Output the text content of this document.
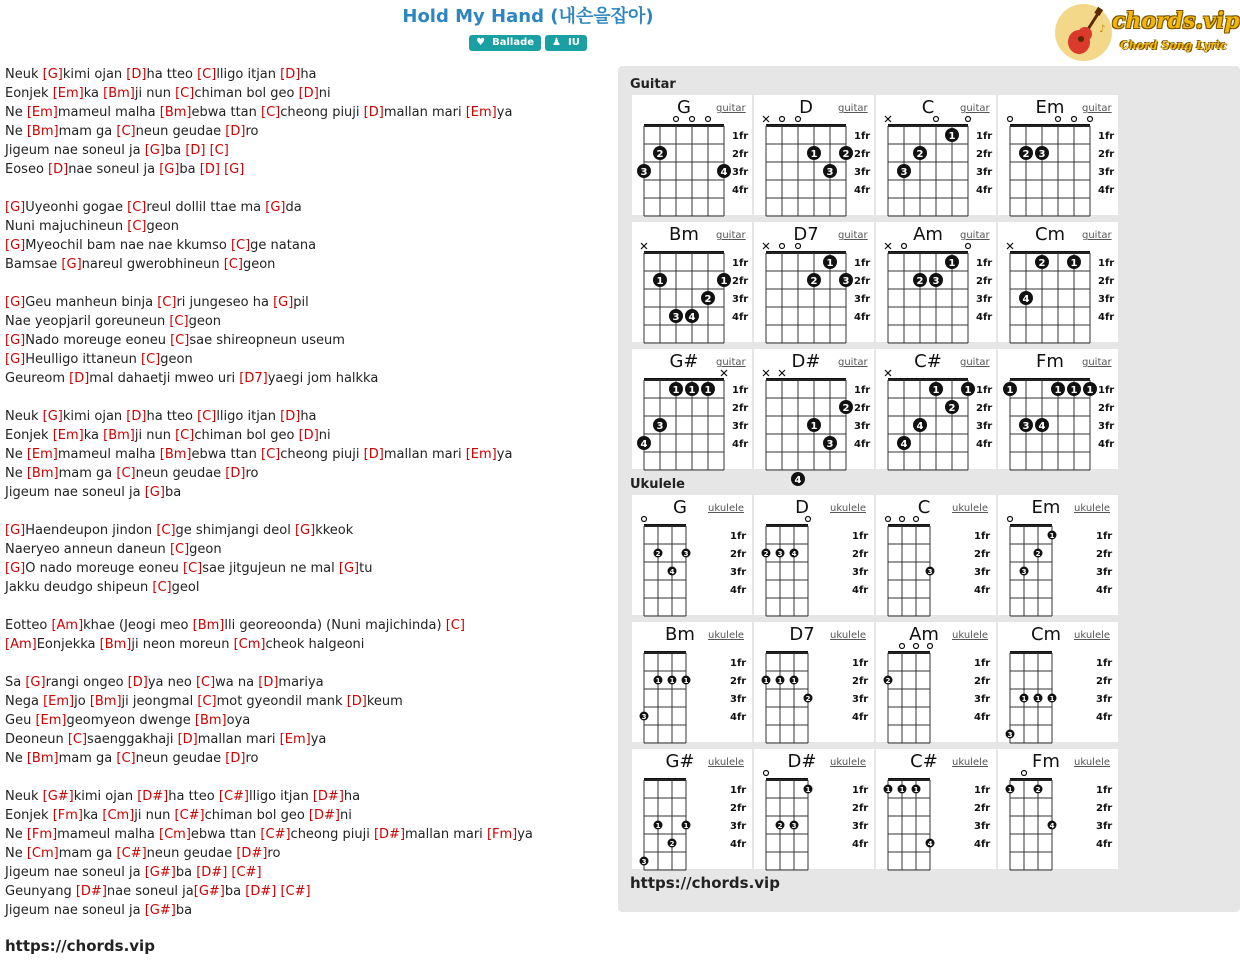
Hold My Hand (내손을잡아)
♥ Ballade ♟ IU
♪ chords.vip
Chord Song Lyric
Neuk [G]kimi ojan [D]ha tteo [C]lligo itjan [D]ha
Eonjek [Em]ka [Bm]ji nun [C]chiman bol geo [D]ni
Ne [Em]mameul malha [Bm]ebwa ttan [C]cheong piuji [D]mallan mari [Em]ya
Ne [Bm]mam ga [C]neun geudae [D]ro
Jigeum nae soneul ja [G]ba [D] [C]
Eoseo [D]nae soneul ja [G]ba [D] [G]
[G]Uyeonhi gogae [C]reul dollil ttae ma [G]da
Nuni majuchineun [C]geon
[G]Myeochil bam nae nae kkumso [C]ge natana
Bamsae [G]nareul gwerobhineun [C]geon
[G]Geu manheun binja [C]ri jungeseo ha [G]pil
Nae yeopjaril goreuneun [C]geon
[G]Nado moreuge eoneu [C]sae shireopneun useum
[G]Heulligo ittaneun [C]geon
Geureom [D]mal dahaetji mweo uri [D7]yaegi jom halkka
Neuk [G]kimi ojan [D]ha tteo [C]lligo itjan [D]ha
Eonjek [Em]ka [Bm]ji nun [C]chiman bol geo [D]ni
Ne [Em]mameul malha [Bm]ebwa ttan [C]cheong piuji [D]mallan mari [Em]ya
Ne [Bm]mam ga [C]neun geudae [D]ro
Jigeum nae soneul ja [G]ba
[G]Haendeupon jindon [C]ge shimjangi deol [G]kkeok
Naeryeo anneun daneun [C]geon
[G]O nado moreuge eoneu [C]sae jitgujeun ne mal [G]tu
Jakku deudgo shipeun [C]geol
Eotteo [Am]khae (Jeogi meo [Bm]lli georeoonda) (Nuni majichinda) [C]
[Am]Eonjekka [Bm]ji neon moreun [Cm]cheok halgeoni
Sa [G]rangi ongeo [D]ya neo [C]wa na [D]mariya
Nega [Em]jo [Bm]ji jeongmal [C]mot gyeondil mank [D]keum
Geu [Em]geomyeon dwenge [Bm]oya
Deoneun [C]saenggakhaji [D]mallan mari [Em]ya
Ne [Bm]mam ga [C]neun geudae [D]ro
Neuk [G#]kimi ojan [D#]ha tteo [C#]lligo itjan [D#]ha
Eonjek [Fm]ka [Cm]ji nun [C#]chiman bol geo [D#]ni
Ne [Fm]mameul malha [Cm]ebwa ttan [C#]cheong piuji [D#]mallan mari [Fm]ya
Ne [Cm]mam ga [C#]neun geudae [D#]ro
Jigeum nae soneul ja [G#]ba [D#] [C#]
Geunyang [D#]nae soneul ja[G#]ba [D#] [C#]
Jigeum nae soneul ja [G#]ba
https://chords.vip
Guitar
Ukulele
G	guitar
1fr
2fr
3fr
4fr
2
3	4
D	guitar
1fr
2fr
3fr
4fr
1	2
3
C	guitar
1fr
2fr
3fr
4fr
1
2
3
Em guitar
1fr
2fr
3fr
4fr
2 3
Bm guitar
1fr
2fr
3fr
4fr
1	1
2
3 4
D7 guitar
1fr
2fr
3fr
4fr
1
2	3
Am guitar
1fr
2fr
3fr
4fr
1
2 3
Cm guitar
1fr
2fr
3fr
4fr
2	1
4
G# guitar
1fr
2fr
3fr
4fr
1 1 1
3
4
D# guitar
1fr
2fr
3fr
4fr
2
1
3
4
C# guitar
1fr
2fr
3fr
4fr
1	1
2
4
4
Fm guitar
1fr
2fr
3fr
4fr
1	1 1 1
3 4
G ukulele
1fr
2fr
3fr
4fr
2	3
4
D ukulele
1fr
2fr
3fr
4fr
2 3 4
C ukulele
1fr
2fr
3fr
4fr
3
Em ukulele
1fr
2fr
3fr
4fr
1
2
3
Bm ukulele
1fr
2fr
3fr
4fr
1 1 1
3
D7 ukulele
1fr
2fr
3fr
4fr
1 1 1
2
Am ukulele
1fr
2fr
3fr
4fr
2
Cm ukulele
1fr
2fr
3fr
4fr
1 1 1
3
G# ukulele
1fr
2fr
3fr
4fr
1	1
2
3
D# ukulele
1fr
2fr
3fr
4fr
1
2 3
C# ukulele
1fr
2fr
3fr
4fr
1 1 1
4
Fm ukulele
1fr
2fr
3fr
4fr
1	2
4
https://chords.vip
